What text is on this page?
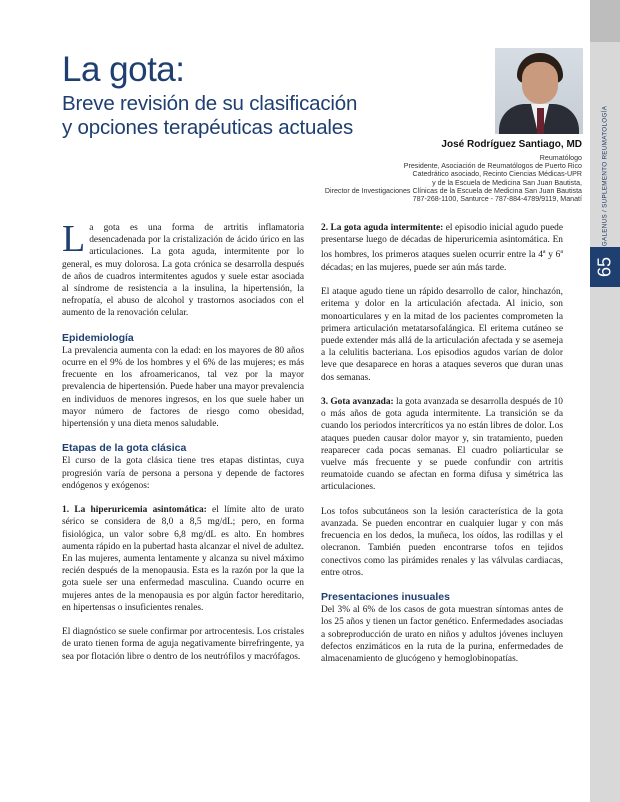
GALENUS / SUPLEMENTO REUMATOLOGÍA
65
La gota:
Breve revisión de su clasificación
y opciones terapéuticas actuales
José Rodríguez Santiago, MD
Reumatólogo
Presidente, Asociación de Reumatólogos de Puerto Rico
Catedrático asociado, Recinto Ciencias Médicas-UPR
y de la Escuela de Medicina San Juan Bautista,
Director de Investigaciones Clínicas de la Escuela de Medicina San Juan Bautista
787-268-1100, Santurce - 787-884-4789/9119, Manatí

La gota es una forma de artritis inflamatoria desencadenada por la cristalización de ácido úrico en las articulaciones. La gota aguda, intermitente por lo general, es muy dolorosa. La gota crónica se desarrolla después de años de cuadros intermitentes agudos y suele estar asociada al síndrome de resistencia a la insulina, la hipertensión, la nefropatía, el abuso de alcohol y trastornos asociados con el aumento de la renovación celular.

Epidemiología

La prevalencia aumenta con la edad: en los mayores de 80 años ocurre en el 9% de los hombres y el 6% de las mujeres; es más frecuente en los afroamericanos, tal vez por la mayor prevalencia de hipertensión. Puede haber una mayor prevalencia en individuos de menores ingresos, en los que suele haber un mayor número de factores de riesgo como obesidad, hipertensión y una dieta menos saludable.

Etapas de la gota clásica

El curso de la gota clásica tiene tres etapas distintas, cuya progresión varía de persona a persona y depende de factores endógenos y exógenos:

1. La hiperuricemia asintomática: el límite alto de urato sérico se considera de 8,0 a 8,5 mg/dL; pero, en forma fisiológica, un valor sobre 6,8 mg/dL es alto. En hombres aumenta rápido en la pubertad hasta alcanzar el nivel de adultez. En las mujeres, aumenta lentamente y alcanza su nivel máximo recién después de la menopausia. Esta es la razón por la que la gota suele ser una enfermedad masculina. Cuando ocurre en mujeres antes de la menopausia es por algún factor hereditario, en hipertensas o insuficientes renales.

El diagnóstico se suele confirmar por artrocentesis. Los cristales de urato tienen forma de aguja negativamente birrefringente, ya sea por flotación libre o dentro de los neutrófilos y macrófagos.

2. La gota aguda intermitente: el episodio inicial agudo puede presentarse luego de décadas de hiperuricemia asintomática. En los hombres, los primeros ataques suelen ocurrir entre la 4$^a$ y 6$^a$ décadas; en las mujeres, puede ser aún más tarde.

El ataque agudo tiene un rápido desarrollo de calor, hinchazón, eritema y dolor en la articulación afectada. Al inicio, son monoarticulares y en la mitad de los pacientes comprometen la primera articulación metatarsofalángica. El eritema cutáneo se puede extender más allá de la articulación afectada y se asemeja a la celulitis bacteriana. Los episodios agudos varían de dolor leve que desaparece en horas a ataques severos que duran unas dos semanas.

3. Gota avanzada: la gota avanzada se desarrolla después de 10 o más años de gota aguda intermitente. La transición se da cuando los periodos intercríticos ya no están libres de dolor. Los ataques pueden causar dolor mayor y, sin tratamiento, pueden reaparecer cada pocas semanas. El cuadro poliarticular se vuelve más frecuente y se puede confundir con artritis reumatoide cuando se afectan en forma difusa y simétrica las articulaciones.

Los tofos subcutáneos son la lesión característica de la gota avanzada. Se pueden encontrar en cualquier lugar y con más frecuencia en los dedos, la muñeca, los oídos, las rodillas y el olecranon. También pueden encontrarse tofos en tejidos conectivos como las pirámides renales y las válvulas cardiacas, entre otros.

Presentaciones inusuales

Del 3% al 6% de los casos de gota muestran síntomas antes de los 25 años y tienen un factor genético. Enfermedades asociadas a sobreproducción de urato en niños y adultos jóvenes incluyen defectos enzimáticos en la ruta de la purina, enfermedades de almacenamiento de glucógeno y hemoglobinopatías.
